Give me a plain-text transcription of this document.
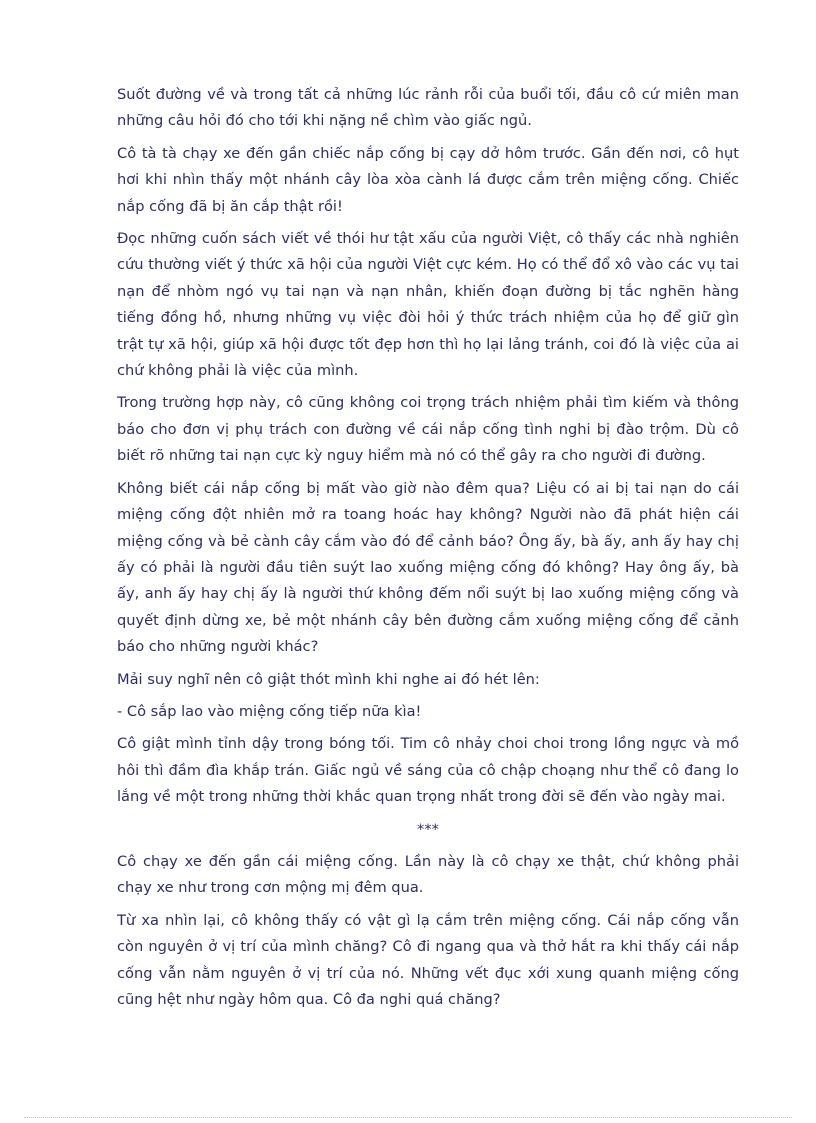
Suốt đường về và trong tất cả những lúc rảnh rỗi của buổi tối, đầu cô cứ miên man những câu hỏi đó cho tới khi nặng nề chìm vào giấc ngủ.

Cô tà tà chạy xe đến gần chiếc nắp cống bị cạy dở hôm trước. Gần đến nơi, cô hụt hơi khi nhìn thấy một nhánh cây lòa xòa cành lá được cắm trên miệng cống. Chiếc nắp cống đã bị ăn cắp thật rồi!

Đọc những cuốn sách viết về thói hư tật xấu của người Việt, cô thấy các nhà nghiên cứu thường viết ý thức xã hội của người Việt cực kém. Họ có thể đổ xô vào các vụ tai nạn để nhòm ngó vụ tai nạn và nạn nhân, khiến đoạn đường bị tắc nghẽn hàng tiếng đồng hồ, nhưng những vụ việc đòi hỏi ý thức trách nhiệm của họ để giữ gìn trật tự xã hội, giúp xã hội được tốt đẹp hơn thì họ lại lảng tránh, coi đó là việc của ai chứ không phải là việc của mình.

Trong trường hợp này, cô cũng không coi trọng trách nhiệm phải tìm kiếm và thông báo cho đơn vị phụ trách con đường về cái nắp cống tình nghi bị đào trộm. Dù cô biết rõ những tai nạn cực kỳ nguy hiểm mà nó có thể gây ra cho người đi đường.

Không biết cái nắp cống bị mất vào giờ nào đêm qua? Liệu có ai bị tai nạn do cái miệng cống đột nhiên mở ra toang hoác hay không? Người nào đã phát hiện cái miệng cống và bẻ cành cây cắm vào đó để cảnh báo? Ông ấy, bà ấy, anh ấy hay chị ấy có phải là người đầu tiên suýt lao xuống miệng cống đó không? Hay ông ấy, bà ấy, anh ấy hay chị ấy là người thứ không đếm nổi suýt bị lao xuống miệng cống và quyết định dừng xe, bẻ một nhánh cây bên đường cắm xuống miệng cống để cảnh báo cho những người khác?

Mải suy nghĩ nên cô giật thót mình khi nghe ai đó hét lên:

- Cô sắp lao vào miệng cống tiếp nữa kìa!

Cô giật mình tỉnh dậy trong bóng tối. Tim cô nhảy choi choi trong lồng ngực và mồ hôi thì đầm đìa khắp trán. Giấc ngủ về sáng của cô chập choạng như thể cô đang lo lắng về một trong những thời khắc quan trọng nhất trong đời sẽ đến vào ngày mai.

***

Cô chạy xe đến gần cái miệng cống. Lần này là cô chạy xe thật, chứ không phải chạy xe như trong cơn mộng mị đêm qua.

Từ xa nhìn lại, cô không thấy có vật gì lạ cắm trên miệng cống. Cái nắp cống vẫn còn nguyên ở vị trí của mình chăng? Cô đi ngang qua và thở hắt ra khi thấy cái nắp cống vẫn nằm nguyên ở vị trí của nó. Những vết đục xới xung quanh miệng cống cũng hệt như ngày hôm qua. Cô đa nghi quá chăng?
